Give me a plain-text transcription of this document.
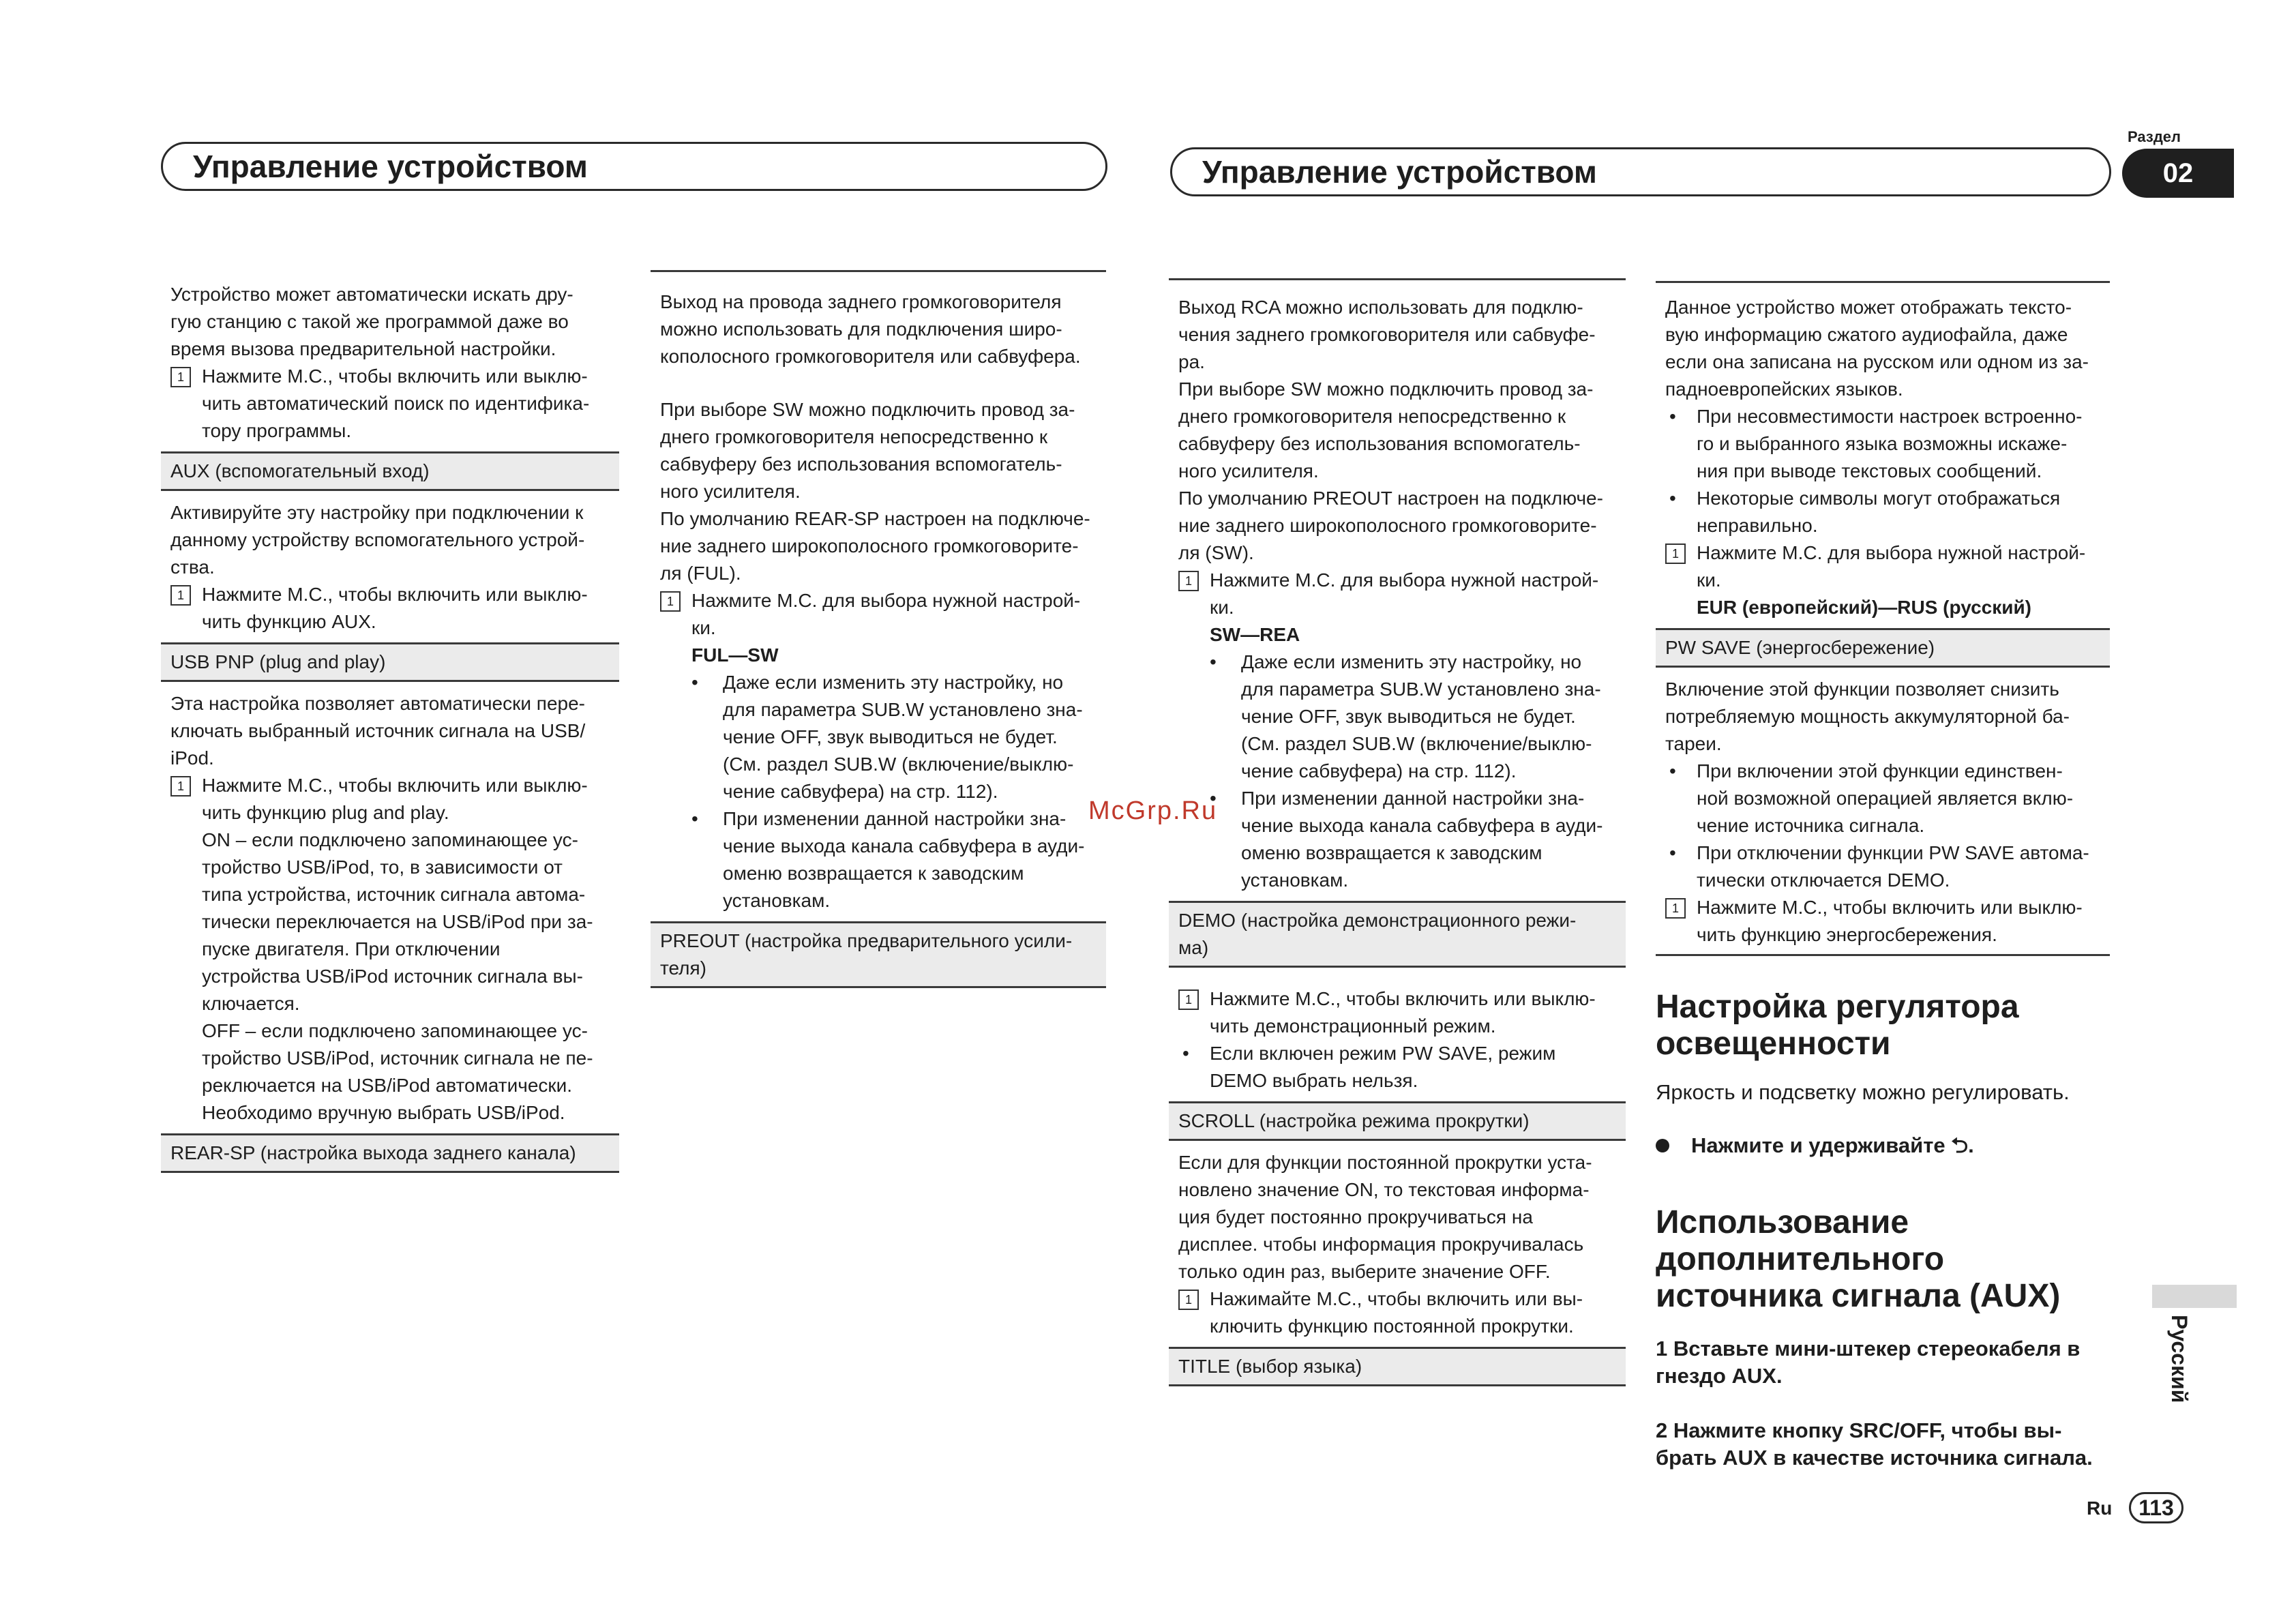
Управление устройством

Устройство может автоматически искать дру-

гую станцию с такой же программой даже во

время вызова предварительной настройки.

1 Нажмите M.C., чтобы включить или выклю-

чить автоматический поиск по идентифика-

тору программы.

AUX (вспомогательный вход)

Активируйте эту настройку при подключении к

данному устройству вспомогательного устрой-

ства.

1 Нажмите M.C., чтобы включить или выклю-

чить функцию AUX.

USB PNP (plug and play)

Эта настройка позволяет автоматически пере-

ключать выбранный источник сигнала на USB/

iPod.

1 Нажмите M.C., чтобы включить или выклю-

чить функцию plug and play.

ON – если подключено запоминающее ус-

тройство USB/iPod, то, в зависимости от

типа устройства, источник сигнала автома-

тически переключается на USB/iPod при за-

пуске двигателя. При отключении

устройства USB/iPod источник сигнала вы-

ключается.

OFF – если подключено запоминающее ус-

тройство USB/iPod, источник сигнала не пе-

реключается на USB/iPod автоматически.

Необходимо вручную выбрать USB/iPod.

REAR-SP (настройка выхода заднего канала)

Выход на провода заднего громкоговорителя

можно использовать для подключения широ-

кополосного громкоговорителя или сабвуфера.

При выборе SW можно подключить провод за-

днего громкоговорителя непосредственно к

сабвуферу без использования вспомогатель-

ного усилителя.

По умолчанию REAR-SP настроен на подключе-

ние заднего широкополосного громкоговорите-

ля (FUL).

1 Нажмите M.C. для выбора нужной настрой-

ки.

FUL—SW

• Даже если изменить эту настройку, но

для параметра SUB.W установлено зна-

чение OFF, звук выводиться не будет.

(См. раздел SUB.W (включение/выклю-

чение сабвуфера) на стр. 112).

• При изменении данной настройки зна-

чение выхода канала сабвуфера в ауди-

оменю возвращается к заводским

установкам.

PREOUT (настройка предварительного усили-

теля)

McGrp.Ru
Управление устройством
Раздел
02

Выход RCA можно использовать для подклю-

чения заднего громкоговорителя или сабвуфе-

ра.

При выборе SW можно подключить провод за-

днего громкоговорителя непосредственно к

сабвуферу без использования вспомогатель-

ного усилителя.

По умолчанию PREOUT настроен на подключе-

ние заднего широкополосного громкоговорите-

ля (SW).

1 Нажмите M.C. для выбора нужной настрой-

ки.

SW—REA

• Даже если изменить эту настройку, но

для параметра SUB.W установлено зна-

чение OFF, звук выводиться не будет.

(См. раздел SUB.W (включение/выклю-

чение сабвуфера) на стр. 112).

• При изменении данной настройки зна-

чение выхода канала сабвуфера в ауди-

оменю возвращается к заводским

установкам.

DEMO (настройка демонстрационного режи-

ма)

1 Нажмите M.C., чтобы включить или выклю-

чить демонстрационный режим.

• Если включен режим PW SAVE, режим

DEMO выбрать нельзя.

SCROLL (настройка режима прокрутки)

Если для функции постоянной прокрутки уста-

новлено значение ON, то текстовая информа-

ция будет постоянно прокручиваться на

дисплее. чтобы информация прокручивалась

только один раз, выберите значение OFF.

1 Нажимайте M.C., чтобы включить или вы-

ключить функцию постоянной прокрутки.

TITLE (выбор языка)

Данное устройство может отображать тексто-

вую информацию сжатого аудиофайла, даже

если она записана на русском или одном из за-

падноевропейских языков.

• При несовместимости настроек встроенно-

го и выбранного языка возможны искаже-

ния при выводе текстовых сообщений.

• Некоторые символы могут отображаться

неправильно.

1 Нажмите M.C. для выбора нужной настрой-

ки.

EUR (европейский)—RUS (русский)

PW SAVE (энергосбережение)

Включение этой функции позволяет снизить

потребляемую мощность аккумуляторной ба-

тареи.

• При включении этой функции единствен-

ной возможной операцией является вклю-

чение источника сигнала.

• При отключении функции PW SAVE автома-

тически отключается DEMO.

1 Нажмите M.C., чтобы включить или выклю-

чить функцию энергосбережения.

Настройка регулятора

освещенности

Яркость и подсветку можно регулировать.

Нажмите и удерживайте ⮌.

Использование

дополнительного

источника сигнала (AUX)

1 Вставьте мини-штекер стереокабеля в

гнездо AUX.

2 Нажмите кнопку SRC/OFF, чтобы вы-

брать AUX в качестве источника сигнала.

Русский
Ru	113
